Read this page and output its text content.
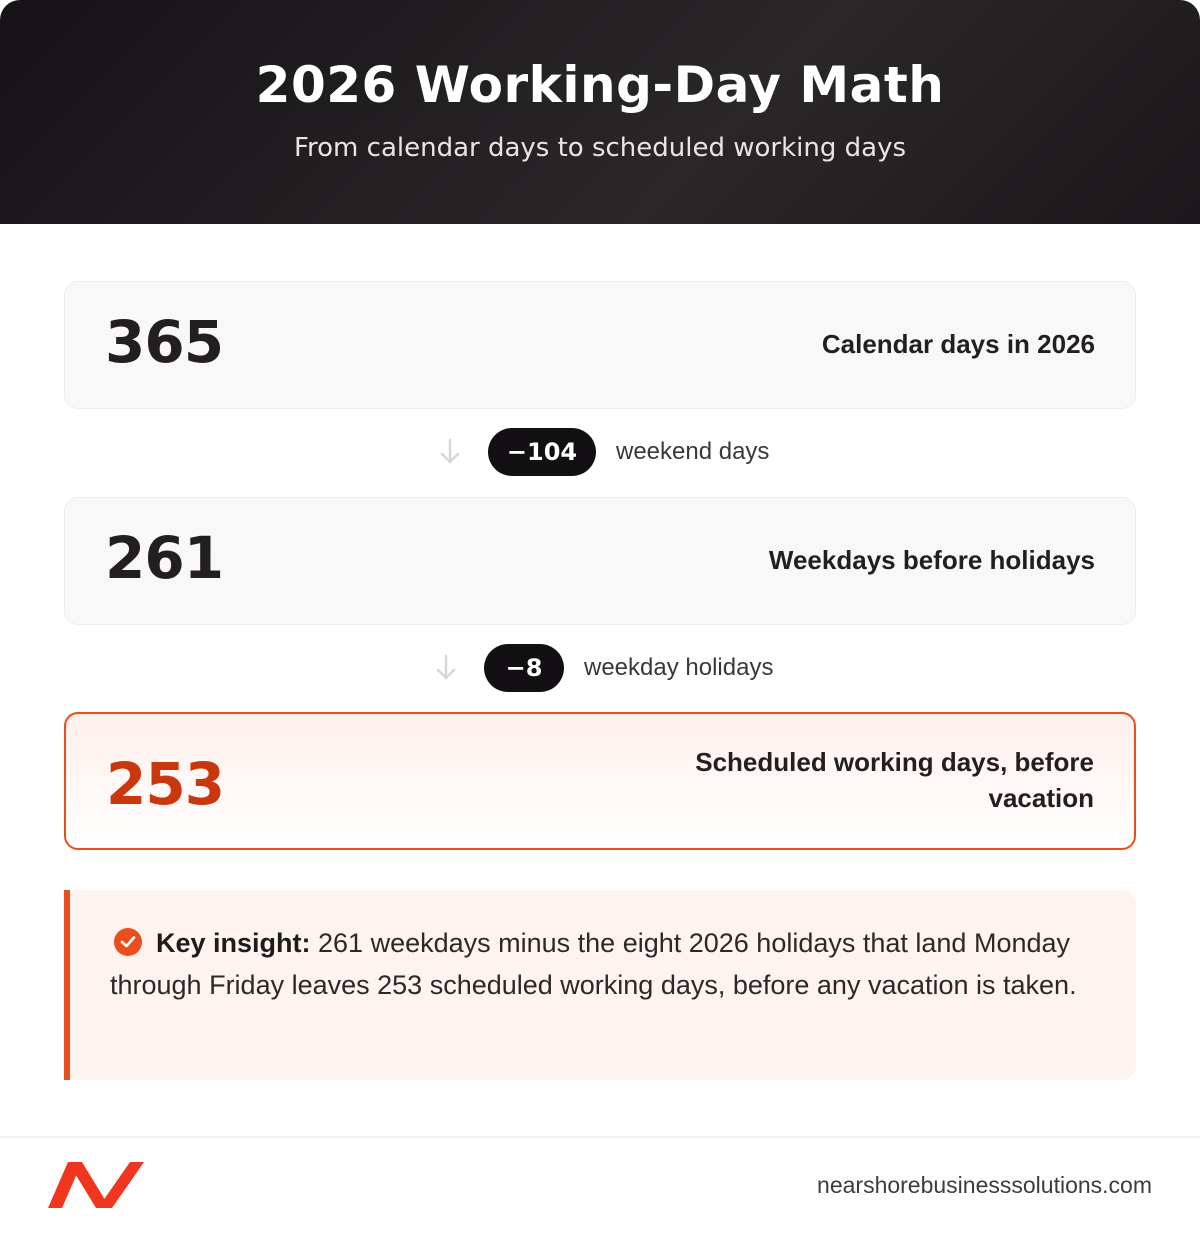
2026 Working-Day Math
From calendar days to scheduled working days
365	Calendar days in 2026
−104	weekend days
261	Weekdays before holidays
−8	weekday holidays
253	Scheduled working days, before vacation
Key insight: 261 weekdays minus the eight 2026 holidays that land Monday through Friday leaves 253 scheduled working days, before any vacation is taken.
nearshorebusinesssolutions.com
